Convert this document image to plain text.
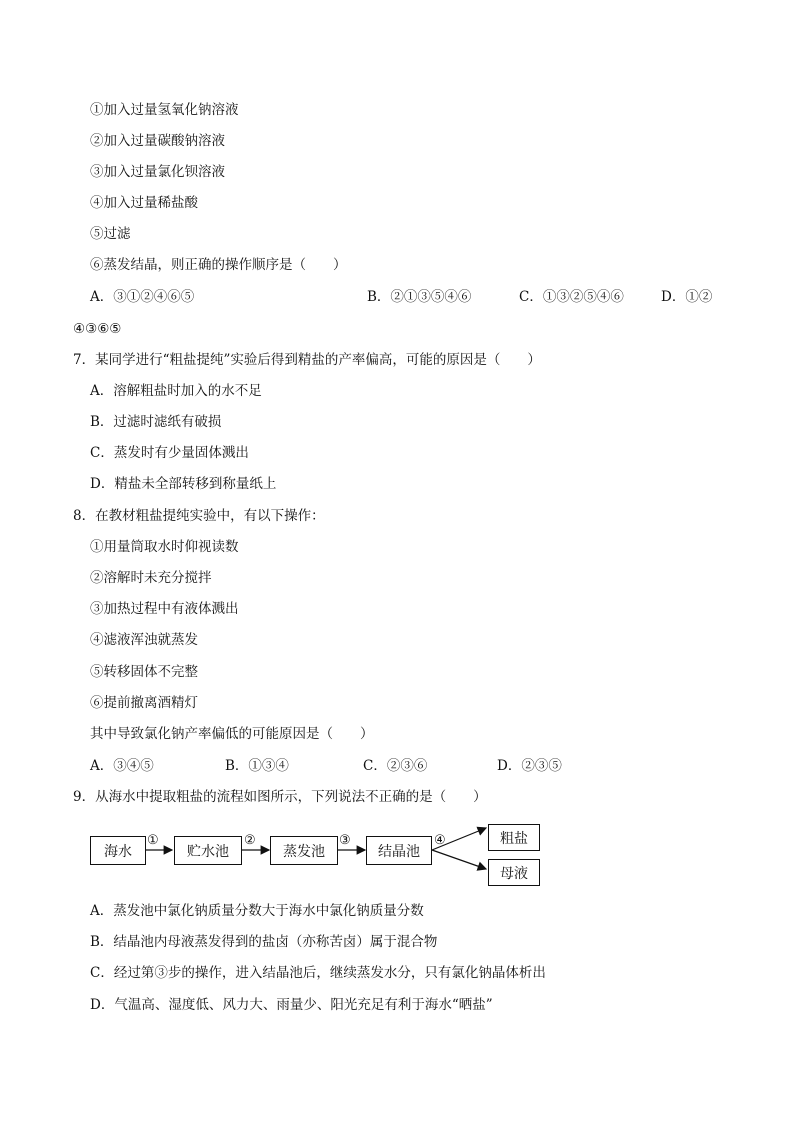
①加入过量氢氧化钠溶液
②加入过量碳酸钠溶液
③加入过量氯化钡溶液
④加入过量稀盐酸
⑤过滤
⑥蒸发结晶，则正确的操作顺序是（　　）
A．③①②④⑥⑤	B．②①③⑤④⑥	C．①③②⑤④⑥	D．①②
④③⑥⑤
7．某同学进行“粗盐提纯”实验后得到精盐的产率偏高，可能的原因是（　　）
A．溶解粗盐时加入的水不足
B．过滤时滤纸有破损
C．蒸发时有少量固体溅出
D．精盐未全部转移到称量纸上
8．在教材粗盐提纯实验中，有以下操作：
①用量筒取水时仰视读数
②溶解时未充分搅拌
③加热过程中有液体溅出
④滤液浑浊就蒸发
⑤转移固体不完整
⑥提前撤离酒精灯
其中导致氯化钠产率偏低的可能原因是（　　）
A．③④⑤	B．①③④	C．②③⑥	D．②③⑤
9．从海水中提取粗盐的流程如图所示，下列说法不正确的是（　　）
海水
①
贮水池
②
蒸发池
③
结晶池
④	粗盐
母液
A．蒸发池中氯化钠质量分数大于海水中氯化钠质量分数
B．结晶池内母液蒸发得到的盐卤（亦称苦卤）属于混合物
C．经过第③步的操作，进入结晶池后，继续蒸发水分，只有氯化钠晶体析出
D．气温高、湿度低、风力大、雨量少、阳光充足有利于海水“晒盐”
